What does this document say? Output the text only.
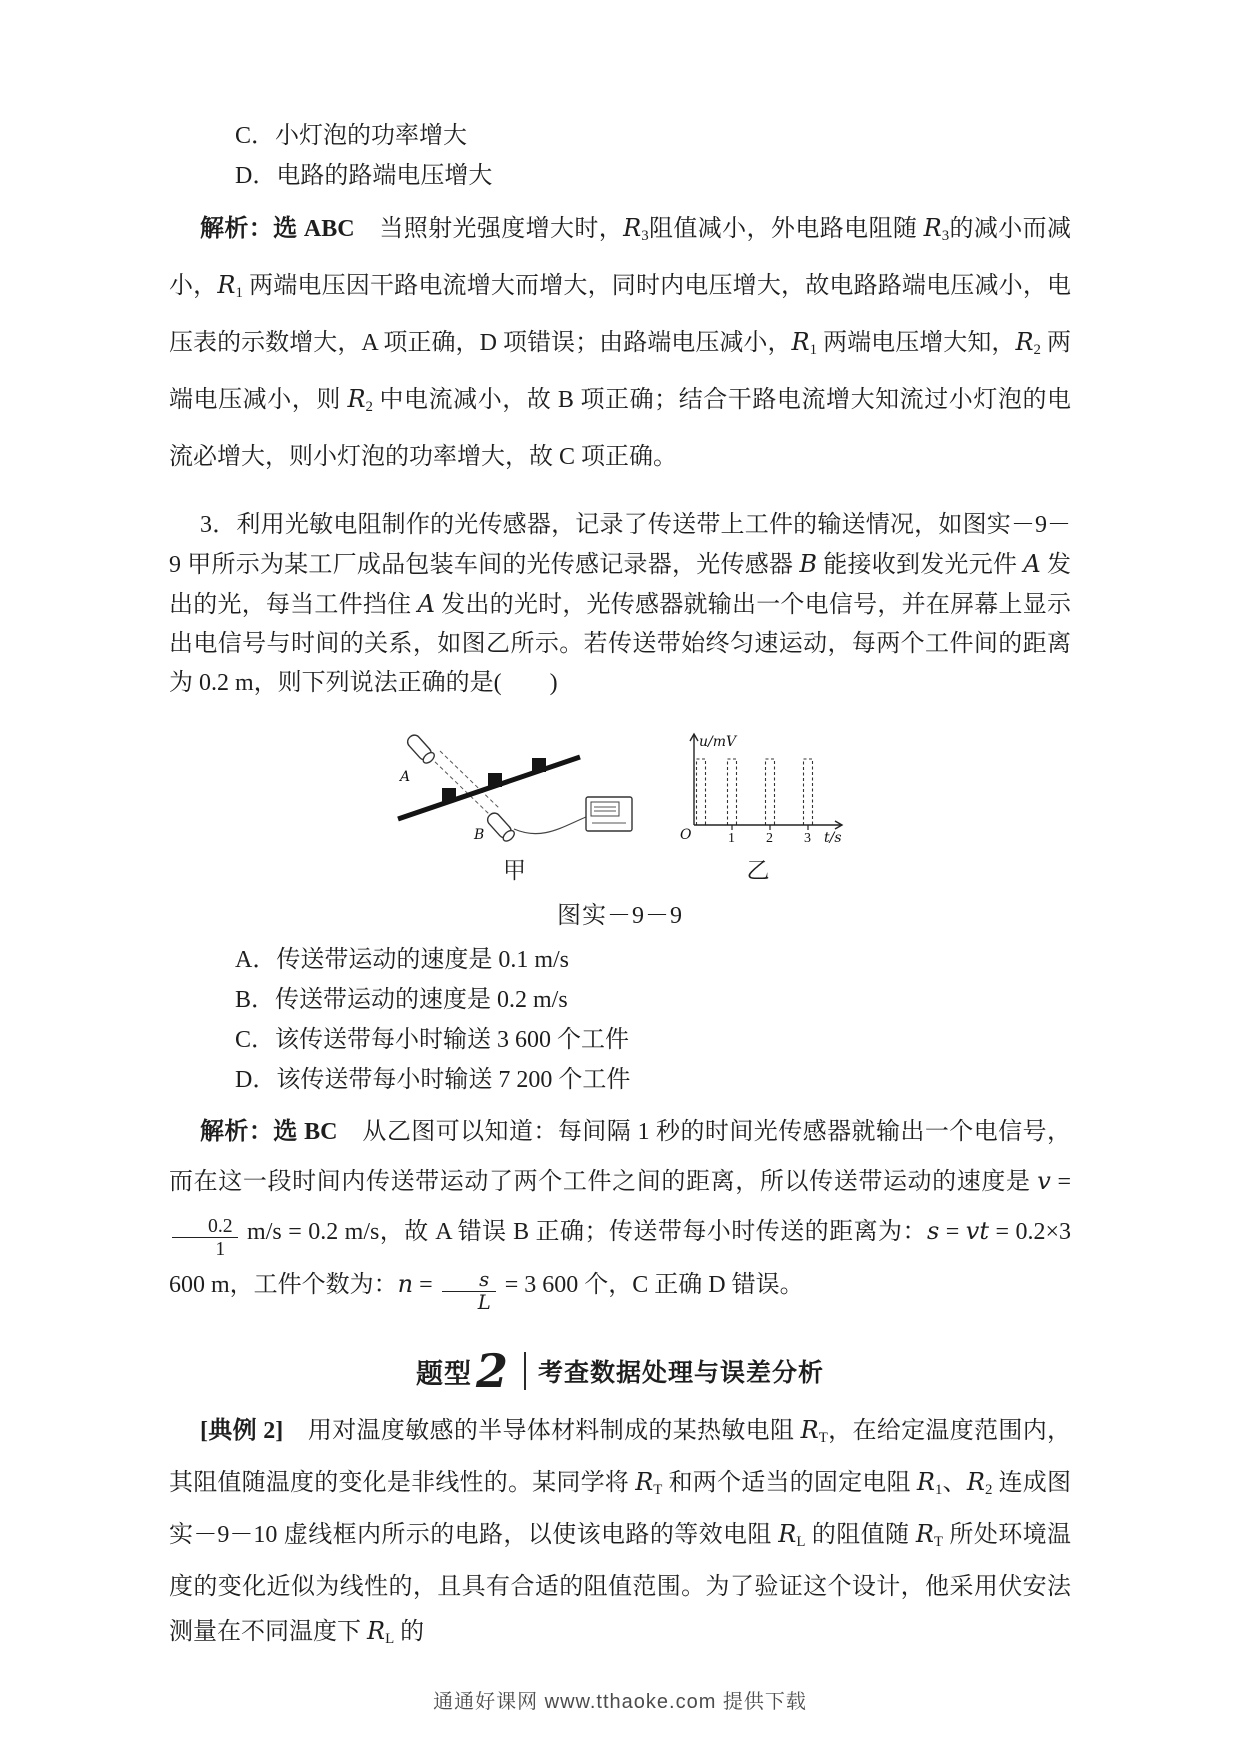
C．小灯泡的功率增大
D．电路的路端电压增大

解析：选 ABC　当照射光强度增大时，R3阻值减小，外电路电阻随 R3的减小而减小，R1 两端电压因干路电流增大而增大，同时内电压增大，故电路路端电压减小，电压表的示数增大，A 项正确，D 项错误；由路端电压减小，R1 两端电压增大知，R2 两端电压减小，则 R2 中电流减小，故 B 项正确；结合干路电流增大知流过小灯泡的电流必增大，则小灯泡的功率增大，故 C 项正确。

3．利用光敏电阻制作的光传感器，记录了传送带上工件的输送情况，如图实－9－9 甲所示为某工厂成品包装车间的光传感记录器，光传感器 B 能接收到发光元件 A 发出的光，每当工件挡住 A 发出的光时，光传感器就输出一个电信号，并在屏幕上显示出电信号与时间的关系，如图乙所示。若传送带始终匀速运动，每两个工件间的距离为 0.2 m，则下列说法正确的是(　　)

A
B
甲
u/mV
t/s
O	1 2 3
乙
图实－9－9
A．传送带运动的速度是 0.1 m/s
B．传送带运动的速度是 0.2 m/s
C．该传送带每小时输送 3 600 个工件
D．该传送带每小时输送 7 200 个工件

解析：选 BC　从乙图可以知道：每间隔 1 秒的时间光传感器就输出一个电信号，而在这一段时间内传送带运动了两个工件之间的距离，所以传送带运动的速度是 v =
$\frac{0.2}{1} m/s = 0.2$ m/s，故 A 错误 B 正确；传送带每小时传送的距离为：s = vt = 0.2×3 600 m，工件个数为：$n = \frac{s}{L} = 3$ 600 个，C 正确 D 错误。

题型 2 考查数据处理与误差分析

[典例 2]　用对温度敏感的半导体材料制成的某热敏电阻 RT，在给定温度范围内，其阻值随温度的变化是非线性的。某同学将 RT 和两个适当的固定电阻 R1、R2 连成图实－9－10 虚线框内所示的电路，以使该电路的等效电阻 RL 的阻值随 RT 所处环境温度的变化近似为线性的，且具有合适的阻值范围。为了验证这个设计，他采用伏安法测量在不同温度下 RL 的

通通好课网 www.tthaoke.com 提供下载
